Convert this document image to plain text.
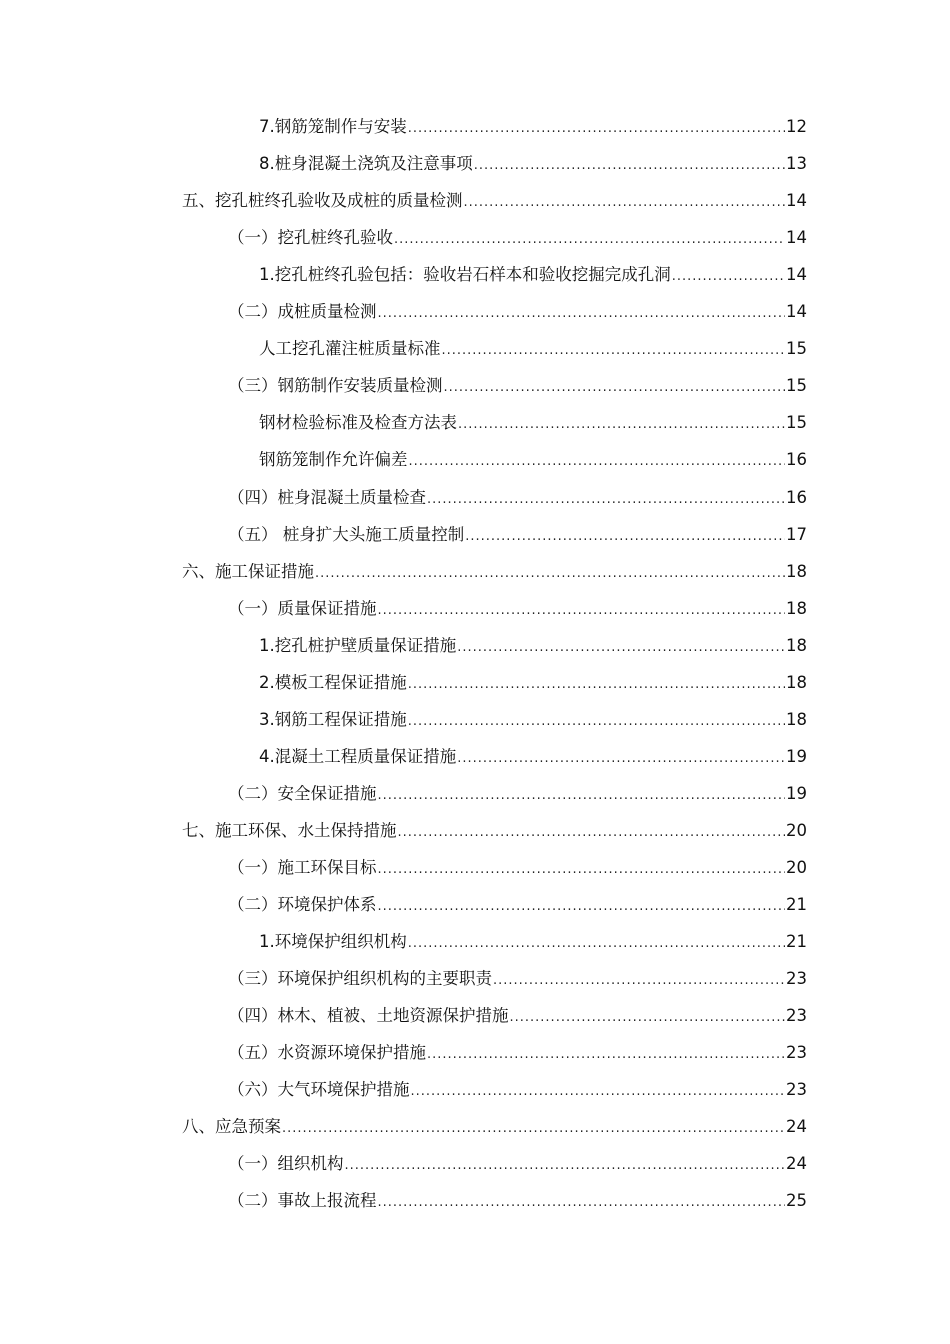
7.钢筋笼制作与安装 .....	12
8.桩身混凝土浇筑及注意事项 .....	13
五、挖孔桩终孔验收及成桩的质量检测 .....	14
（一）挖孔桩终孔验收 .....	14
1.挖孔桩终孔验包括：验收岩石样本和验收挖掘完成孔洞 .....	14
（二）成桩质量检测 .....	14
人工挖孔灌注桩质量标准 .....	15
（三）钢筋制作安装质量检测 .....	15
钢材检验标准及检查方法表 .....	15
钢筋笼制作允许偏差 .....	16
（四）桩身混凝土质量检查 .....	16
（五） 桩身扩大头施工质量控制 .....	17
六、施工保证措施 .....	18
（一）质量保证措施 .....	18
1.挖孔桩护壁质量保证措施 .....	18
2.模板工程保证措施 .....	18
3.钢筋工程保证措施 .....	18
4.混凝土工程质量保证措施 .....	19
（二）安全保证措施 .....	19
七、施工环保、水土保持措施 .....	20
（一）施工环保目标 .....	20
（二）环境保护体系 .....	21
1.环境保护组织机构 .....	21
（三）环境保护组织机构的主要职责 .....	23
（四）林木、植被、土地资源保护措施 .....	23
（五）水资源环境保护措施 .....	23
（六）大气环境保护措施 .....	23
八、应急预案 .....	24
（一）组织机构 .....	24
（二）事故上报流程 .....	25
